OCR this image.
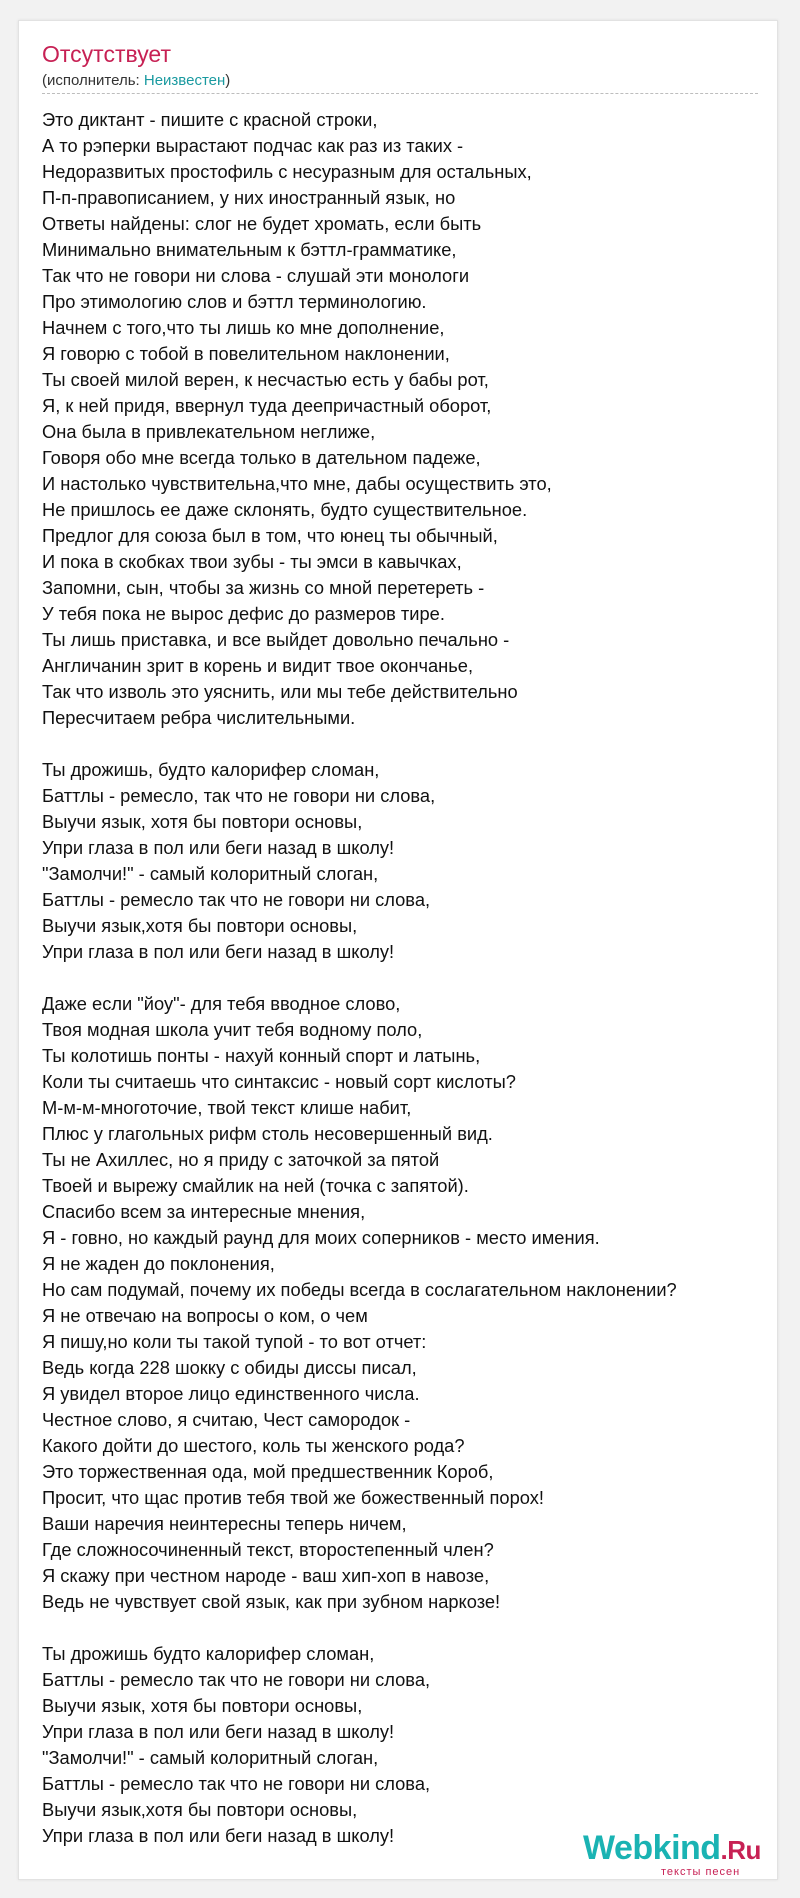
Отсутствует
(исполнитель: Неизвестен)
Это диктант - пишите с красной строки,
А то рэперки вырастают подчас как раз из таких -
Недоразвитых простофиль с несуразным для остальных,
П-п-правописанием, у них иностранный язык, но
Ответы найдены: слог не будет хромать, если быть
Минимально внимательным к бэттл-грамматике,
Так что не говори ни слова - слушай эти монологи
Про этимологию слов и бэттл терминологию.
Начнем с того,что ты лишь ко мне дополнение,
Я говорю с тобой в повелительном наклонении,
Ты своей милой верен, к несчастью есть у бабы рот,
Я, к ней придя, ввернул туда деепричастный оборот,
Она была в привлекательном неглиже,
Говоря обо мне всегда только в дательном падеже,
И настолько чувствительна,что мне, дабы осуществить это,
Не пришлось ее даже склонять, будто существительное.
Предлог для союза был в том, что юнец ты обычный,
И пока в скобках твои зубы - ты эмси в кавычках,
Запомни, сын, чтобы за жизнь со мной перетереть -
У тебя пока не вырос дефис до размеров тире.
Ты лишь приставка, и все выйдет довольно печально -
Англичанин зрит в корень и видит твое окончанье,
Так что изволь это уяснить, или мы тебе действительно
Пересчитаем ребра числительными.
Ты дрожишь, будто калорифер сломан,
Баттлы - ремесло, так что не говори ни слова,
Выучи язык, хотя бы повтори основы,
Упри глаза в пол или беги назад в школу!
"Замолчи!" - самый колоритный слоган,
Баттлы - ремесло так что не говори ни слова,
Выучи язык,хотя бы повтори основы,
Упри глаза в пол или беги назад в школу!
Даже если "йоу"- для тебя вводное слово,
Твоя модная школа учит тебя водному поло,
Ты колотишь понты - нахуй конный спорт и латынь,
Коли ты считаешь что синтаксис - новый сорт кислоты?
М-м-м-многоточие, твой текст клише набит,
Плюс у глагольных рифм столь несовершенный вид.
Ты не Ахиллес, но я приду с заточкой за пятой
Твоей и вырежу смайлик на ней (точка с запятой).
Спасибо всем за интересные мнения,
Я - говно, но каждый раунд для моих соперников - место имения.
Я не жаден до поклонения,
Но сам подумай, почему их победы всегда в сослагательном наклонении?
Я не отвечаю на вопросы о ком, о чем
Я пишу,но коли ты такой тупой - то вот отчет:
Ведь когда 228 шокку с обиды диссы писал,
Я увидел второе лицо единственного числа.
Честное слово, я считаю, Чест самородок -
Какого дойти до шестого, коль ты женского рода?
Это торжественная ода, мой предшественник Короб,
Просит, что щас против тебя твой же божественный порох!
Ваши наречия неинтересны теперь ничем,
Где сложносочиненный текст, второстепенный член?
Я скажу при честном народе - ваш хип-хоп в навозе,
Ведь не чувствует свой язык, как при зубном наркозе!
Ты дрожишь будто калорифер сломан,
Баттлы - ремесло так что не говори ни слова,
Выучи язык, хотя бы повтори основы,
Упри глаза в пол или беги назад в школу!
"Замолчи!" - самый колоритный слоган,
Баттлы - ремесло так что не говори ни слова,
Выучи язык,хотя бы повтори основы,
Упри глаза в пол или беги назад в школу!	Webkind.Ru
тексты песен
